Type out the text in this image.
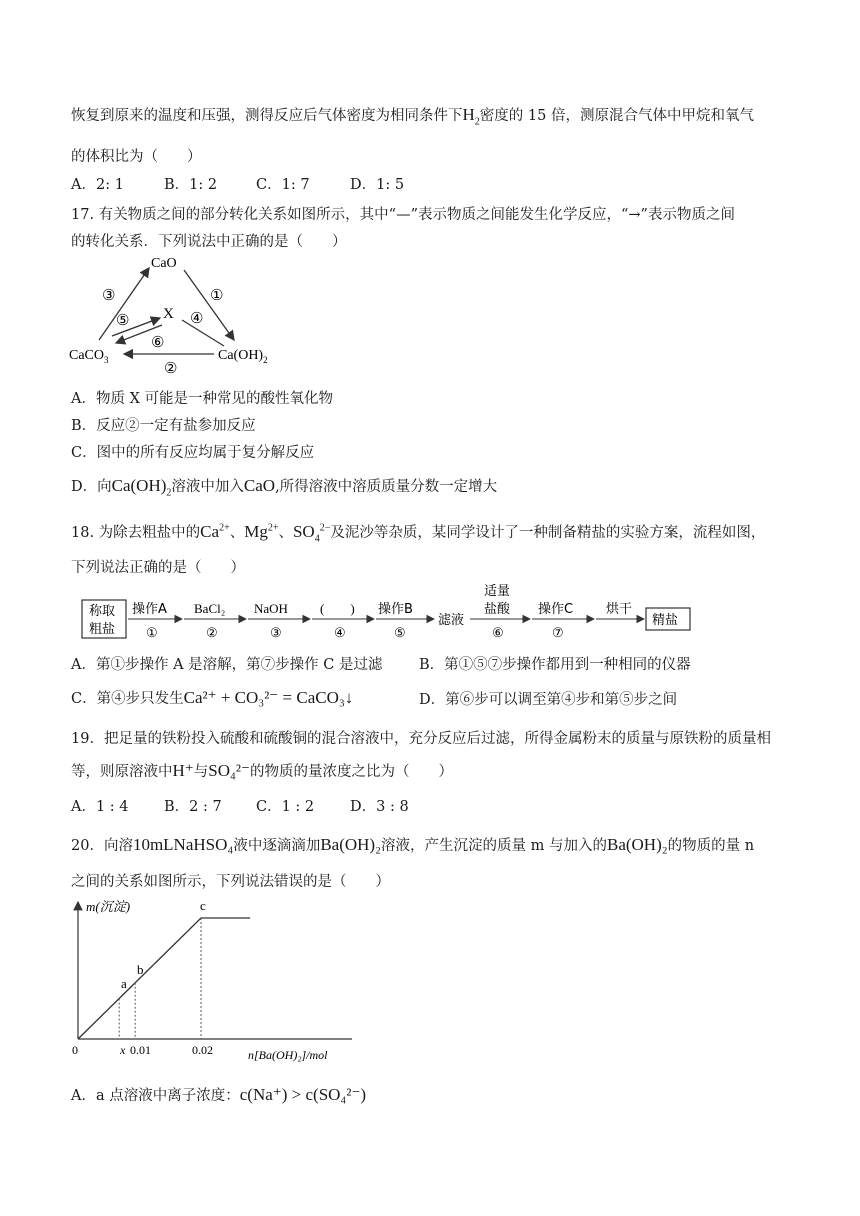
恢复到原来的温度和压强，测得反应后气体密度为相同条件下$H_2$密度的 15 倍，测原混合气体中甲烷和氧气
的体积比为（　　）
A．2: 1	B．1: 2	C．1: 7	D．1: 5
17. 有关物质之间的部分转化关系如图所示，其中“—”表示物质之间能发生化学反应，“→”表示物质之间
的转化关系．下列说法中正确的是（　　）
CaO
CaCO$_3$	$Ca(OH)_2$
X
③	①
⑤	④
⑥
②
A．物质 X 可能是一种常见的酸性氧化物
B．反应②一定有盐参加反应
C．图中的所有反应均属于复分解反应
D．向$Ca(OH)_2$溶液中加入CaO,所得溶液中溶质质量分数一定增大
18. 为除去粗盐中的$Ca^{2+}$、$Mg^{2+}$、$SO_4^{2-}$及泥沙等杂质，某同学设计了一种制备精盐的实验方案，流程如图，
下列说法正确的是（　　）
称取
粗盐
操作A
①
BaCl₂
②
NaOH
③
(　　)
④
操作B
⑤
滤液
适量
盐酸
⑥
操作C
⑦
烘干
精盐
A．第①步操作 A 是溶解，第⑦步操作 C 是过滤	B．第①⑤⑦步操作都用到一种相同的仪器
C．第④步只发生Ca²⁺ + CO₃²⁻ = CaCO₃↓	D．第⑥步可以调至第④步和第⑤步之间
19．把足量的铁粉投入硫酸和硫酸铜的混合溶液中，充分反应后过滤，所得金属粉末的质量与原铁粉的质量相
等，则原溶液中H⁺与SO₄²⁻的物质的量浓度之比为（　　）
A．1 : 4 B．2 : 7 C．1 : 2 D．3 : 8
20．向溶10mLNaHSO₄液中逐滴滴加Ba(OH)₂溶液，产生沉淀的质量 m 与加入的Ba(OH)₂的物质的量 n
之间的关系如图所示，下列说法错误的是（　　）
m(沉淀)
n[Ba(OH)₂]/mol
0	x 0.01	0.02
a
b
c
A．a 点溶液中离子浓度：c(Na⁺) > c(SO₄²⁻)
